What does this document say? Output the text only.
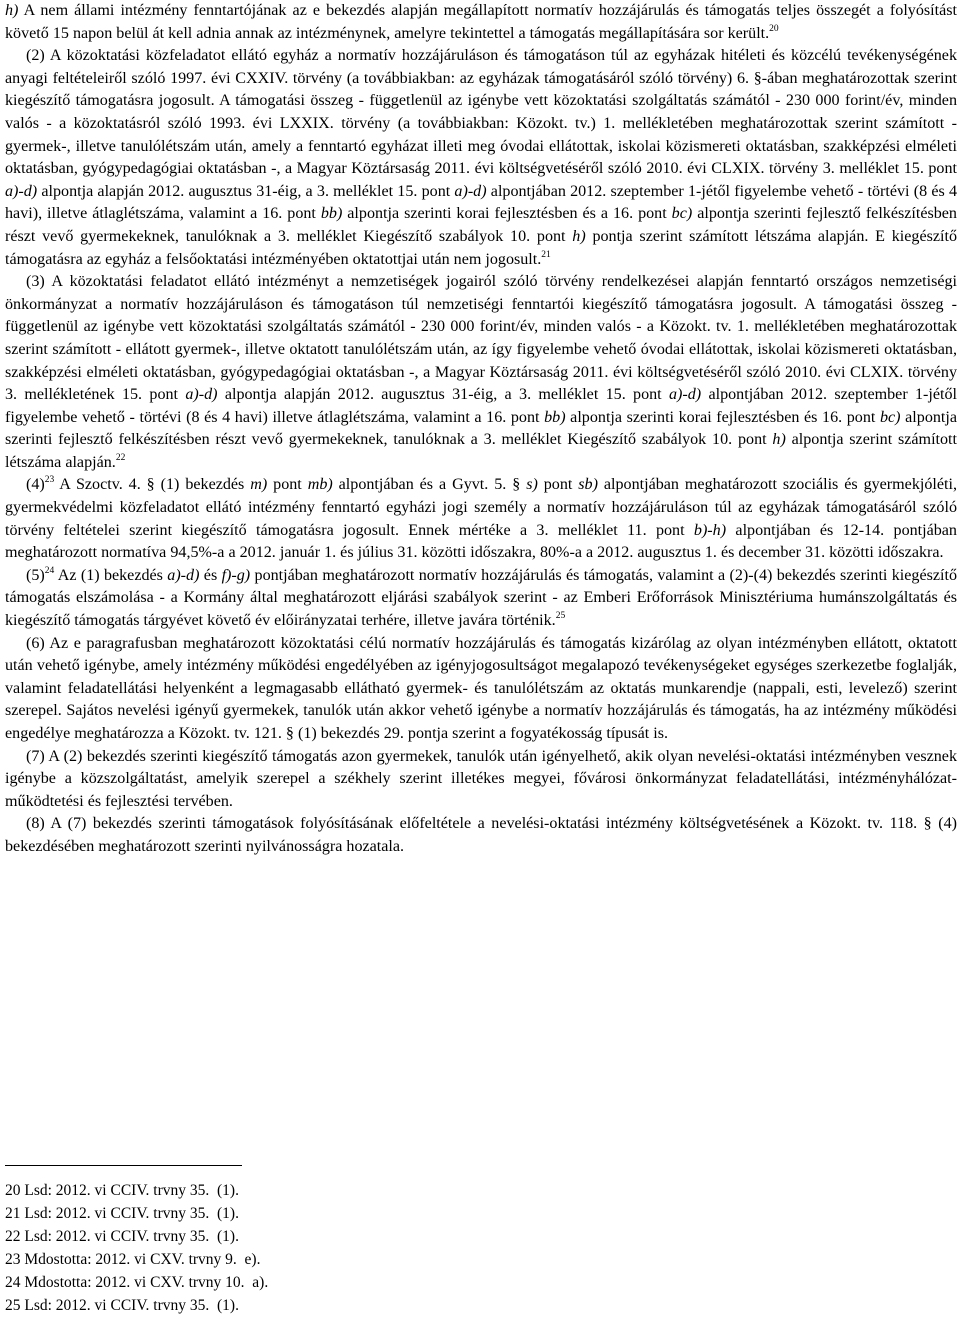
h) A nem állami intézmény fenntartójának az e bekezdés alapján megállapított normatív hozzájárulás és támogatás teljes összegét a folyósítást követő 15 napon belül át kell adnia annak az intézménynek, amelyre tekintettel a támogatás megállapítására sor került.$^{20}$

(2) A közoktatási közfeladatot ellátó egyház a normatív hozzájáruláson és támogatáson túl az egyházak hitéleti és közcélú tevékenységének anyagi feltételeiről szóló 1997. évi CXXIV. törvény (a továbbiakban: az egyházak támogatásáról szóló törvény) 6. §-ában meghatározottak szerint kiegészítő támogatásra jogosult. A támogatási összeg - függetlenül az igénybe vett közoktatási szolgáltatás számától - 230 000 forint/év, minden valós - a közoktatásról szóló 1993. évi LXXIX. törvény (a továbbiakban: Közokt. tv.) 1. mellékletében meghatározottak szerint számított - gyermek-, illetve tanulólétszám után, amely a fenntartó egyházat illeti meg óvodai ellátottak, iskolai közismereti oktatásban, szakképzési elméleti oktatásban, gyógypedagógiai oktatásban -, a Magyar Köztársaság 2011. évi költségvetéséről szóló 2010. évi CLXIX. törvény 3. melléklet 15. pont a)-d) alpontja alapján 2012. augusztus 31-éig, a 3. melléklet 15. pont a)-d) alpontjában 2012. szeptember 1-jétől figyelembe vehető - törtévi (8 és 4 havi), illetve átlaglétszáma, valamint a 16. pont bb) alpontja szerinti korai fejlesztésben és a 16. pont bc) alpontja szerinti fejlesztő felkészítésben részt vevő gyermekeknek, tanulóknak a 3. melléklet Kiegészítő szabályok 10. pont h) pontja szerint számított létszáma alapján. E kiegészítő támogatásra az egyház a felsőoktatási intézményében oktatottjai után nem jogosult.$^{21}$

(3) A közoktatási feladatot ellátó intézményt a nemzetiségek jogairól szóló törvény rendelkezései alapján fenntartó országos nemzetiségi önkormányzat a normatív hozzájáruláson és támogatáson túl nemzetiségi fenntartói kiegészítő támogatásra jogosult. A támogatási összeg - függetlenül az igénybe vett közoktatási szolgáltatás számától - 230 000 forint/év, minden valós - a Közokt. tv. 1. mellékletében meghatározottak szerint számított - ellátott gyermek-, illetve oktatott tanulólétszám után, az így figyelembe vehető óvodai ellátottak, iskolai közismereti oktatásban, szakképzési elméleti oktatásban, gyógypedagógiai oktatásban -, a Magyar Köztársaság 2011. évi költségvetéséről szóló 2010. évi CLXIX. törvény 3. mellékletének 15. pont a)-d) alpontja alapján 2012. augusztus 31-éig, a 3. melléklet 15. pont a)-d) alpontjában 2012. szeptember 1-jétől figyelembe vehető - törtévi (8 és 4 havi) illetve átlaglétszáma, valamint a 16. pont bb) alpontja szerinti korai fejlesztésben és 16. pont bc) alpontja szerinti fejlesztő felkészítésben részt vevő gyermekeknek, tanulóknak a 3. melléklet Kiegészítő szabályok 10. pont h) alpontja szerint számított létszáma alapján.$^{22}$

$(4)^{23}$ A Szoctv. 4. § (1) bekezdés m) pont mb) alpontjában és a Gyvt. 5. § s) pont sb) alpontjában meghatározott szociális és gyermekjóléti, gyermekvédelmi közfeladatot ellátó intézmény fenntartó egyházi jogi személy a normatív hozzájáruláson túl az egyházak támogatásáról szóló törvény feltételei szerint kiegészítő támogatásra jogosult. Ennek mértéke a 3. melléklet 11. pont b)-h) alpontjában és 12-14. pontjában meghatározott normatíva 94,5%-a a 2012. január 1. és július 31. közötti időszakra, 80%-a a 2012. augusztus 1. és december 31. közötti időszakra.

$(5)^{24}$ Az (1) bekezdés a)-d) és f)-g) pontjában meghatározott normatív hozzájárulás és támogatás, valamint a (2)-(4) bekezdés szerinti kiegészítő támogatás elszámolása - a Kormány által meghatározott eljárási szabályok szerint - az Emberi Erőforrások Minisztériuma humánszolgáltatás és kiegészítő támogatás tárgyévet követő év előirányzatai terhére, illetve javára történik.$^{25}$

(6) Az e paragrafusban meghatározott közoktatási célú normatív hozzájárulás és támogatás kizárólag az olyan intézményben ellátott, oktatott után vehető igénybe, amely intézmény működési engedélyében az igényjogosultságot megalapozó tevékenységeket egységes szerkezetbe foglalják, valamint feladatellátási helyenként a legmagasabb ellátható gyermek- és tanulólétszám az oktatás munkarendje (nappali, esti, levelező) szerint szerepel. Sajátos nevelési igényű gyermekek, tanulók után akkor vehető igénybe a normatív hozzájárulás és támogatás, ha az intézmény működési engedélye meghatározza a Közokt. tv. 121. § (1) bekezdés 29. pontja szerint a fogyatékosság típusát is.

(7) A (2) bekezdés szerinti kiegészítő támogatás azon gyermekek, tanulók után igényelhető, akik olyan nevelési-oktatási intézményben vesznek igénybe a közszolgáltatást, amelyik szerepel a székhely szerint illetékes megyei, fővárosi önkormányzat feladatellátási, intézményhálózat-működtetési és fejlesztési tervében.

(8) A (7) bekezdés szerinti támogatások folyósításának előfeltétele a nevelési-oktatási intézmény költségvetésének a Közokt. tv. 118. § (4) bekezdésében meghatározott szerinti nyilvánosságra hozatala.

20 Lsd: 2012. vi CCIV. trvny 35.  (1).

21 Lsd: 2012. vi CCIV. trvny 35.  (1).

22 Lsd: 2012. vi CCIV. trvny 35.  (1).

23 Mdostotta: 2012. vi CXV. trvny 9.  e).

24 Mdostotta: 2012. vi CXV. trvny 10.  a).

25 Lsd: 2012. vi CCIV. trvny 35.  (1).
